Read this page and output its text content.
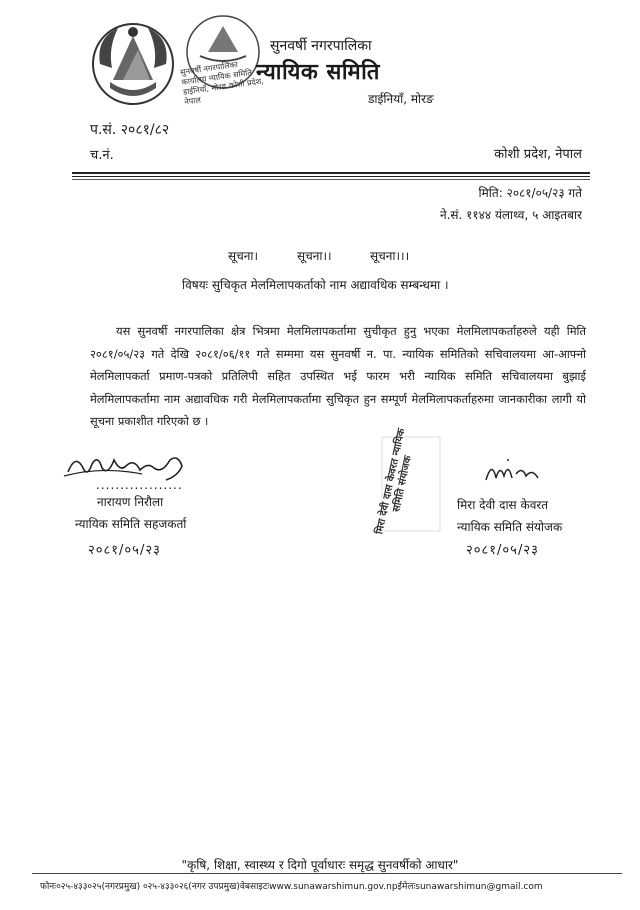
सुनवर्षी नगरपालिका कार्यालय न्यायिक समिति डाईनियाँ, मोरङ कोशी प्रदेश, नेपाल
सुनवर्षी नगरपालिका
न्यायिक समिति
डाईनियाँ, मोरङ
प.सं. २०८१/८२
च.नं.	कोशी प्रदेश, नेपाल
मिति: २०८१/०५/२३ गते
ने.सं. ११४४ यंलाथ्व, ५ आइतबार
सूचना।	सूचना।।	सूचना।।।
विषयः सुचिकृत मेलमिलापकर्ताको नाम अद्यावधिक सम्बन्धमा ।
यस सुनवर्षी नगरपालिका क्षेत्र भित्रमा मेलमिलापकर्तामा सुचीकृत हुनु भएका मेलमिलापकर्ताहरुले यही मिति २०८१/०५/२३ गते देखि २०८१/०६/११ गते सम्ममा यस सुनवर्षी न. पा. न्यायिक समितिको सचिवालयमा आ-आफ्नो मेलमिलापकर्ता प्रमाण-पत्रको प्रतिलिपी सहित उपस्थित भई फारम भरी न्यायिक समिति सचिवालयमा बुझाई मेलमिलापकर्तामा नाम अद्यावधिक गरी मेलमिलापकर्तामा सुचिकृत हुन सम्पूर्ण मेलमिलापकर्ताहरुमा जानकारीका लागी यो सूचना प्रकाशीत गरिएको छ ।
..................
नारायण निरौला
न्यायिक समिति सहजकर्ता
२०८१/०५/२३
मिरा देवी दास केवरत न्यायिक समिति संयोजक	मिरा देवी दास केवरत
न्यायिक समिति संयोजक
२०८१/०५/२३
"कृषि, शिक्षा, स्वास्थ्य र दिगो पूर्वाधारः समृद्ध सुनवर्षीको आधार"
फोनः०२५-४३३०२५(नगरप्रमुख) ०२५-४३३०२६(नगर उपप्रमुख)वेबसाइटःwww.sunawarshimun.gov.npईमेलःsunawarshimun@gmail.com
